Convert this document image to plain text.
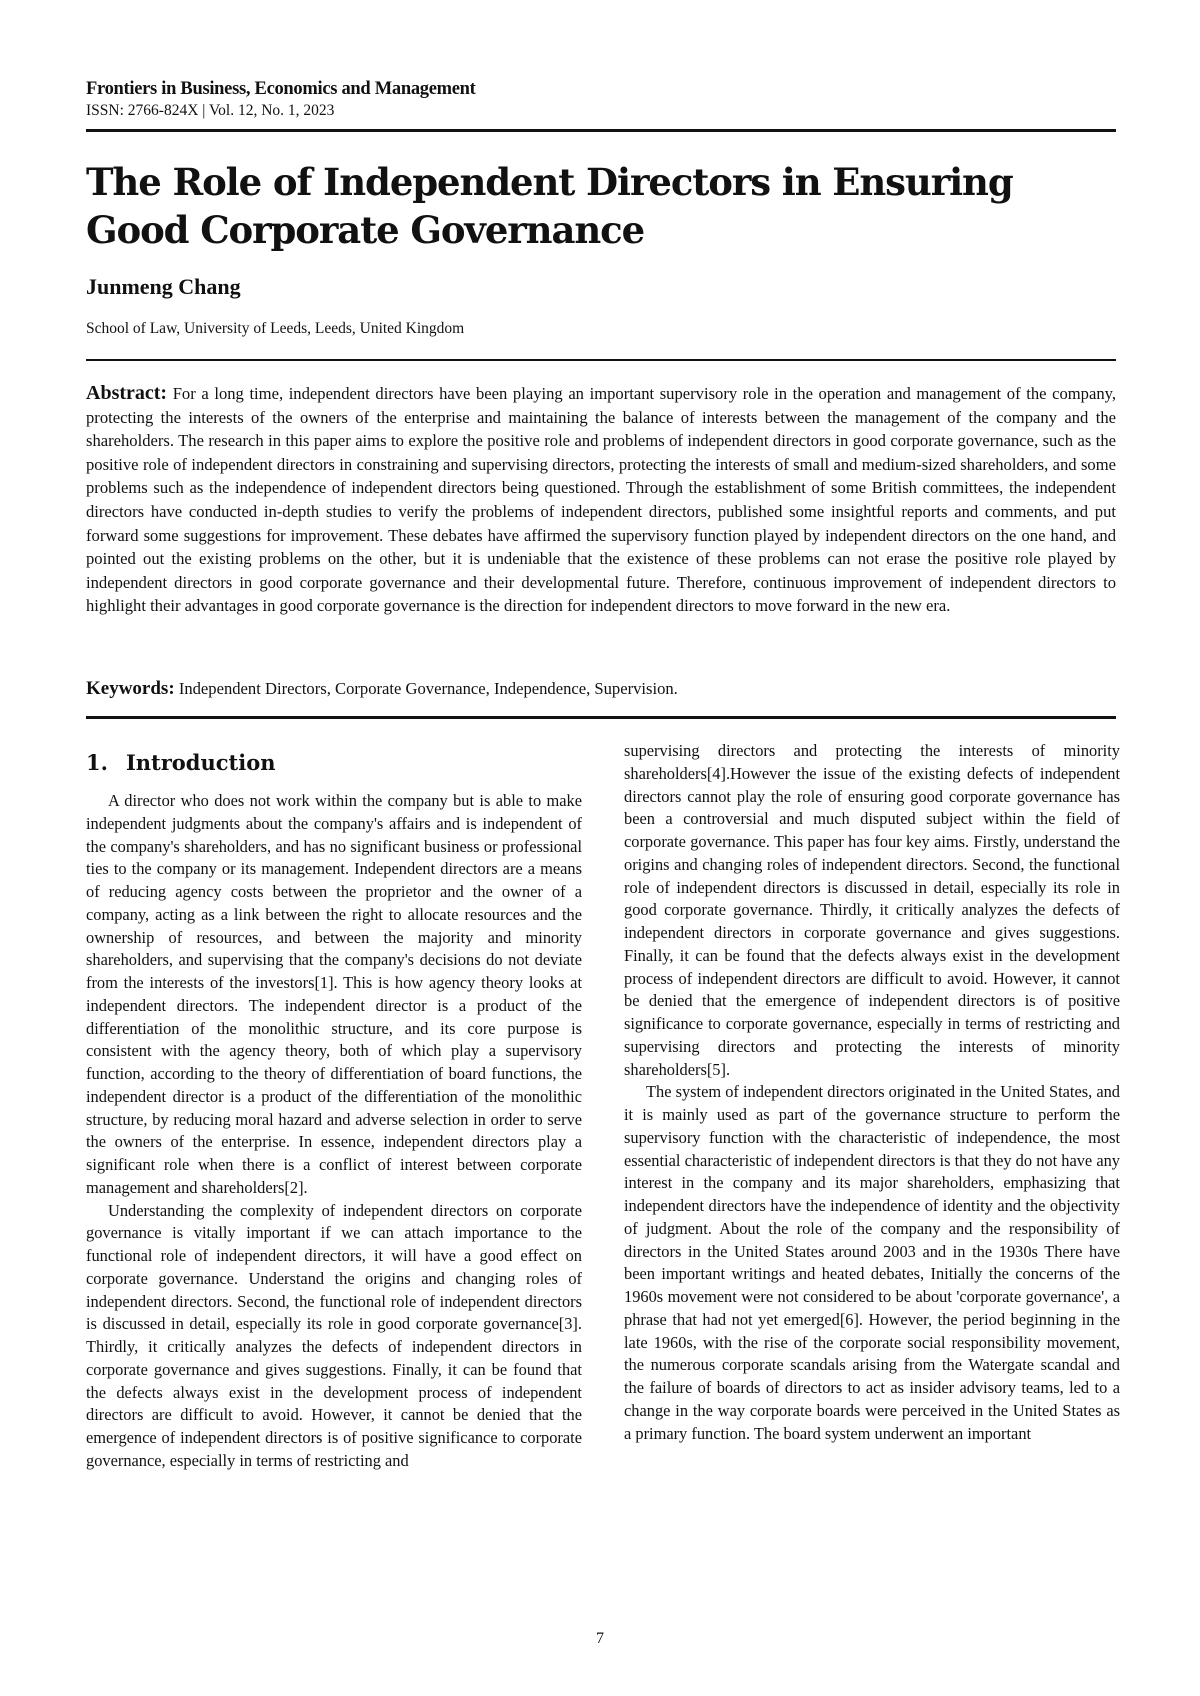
Frontiers in Business, Economics and Management
ISSN: 2766-824X | Vol. 12, No. 1, 2023
The Role of Independent Directors in Ensuring Good Corporate Governance

Junmeng Chang

School of Law, University of Leeds, Leeds, United Kingdom

Abstract: For a long time, independent directors have been playing an important supervisory role in the operation and management of the company, protecting the interests of the owners of the enterprise and maintaining the balance of interests between the management of the company and the shareholders. The research in this paper aims to explore the positive role and problems of independent directors in good corporate governance, such as the positive role of independent directors in constraining and supervising directors, protecting the interests of small and medium-sized shareholders, and some problems such as the independence of independent directors being questioned. Through the establishment of some British committees, the independent directors have conducted in-depth studies to verify the problems of independent directors, published some insightful reports and comments, and put forward some suggestions for improvement. These debates have affirmed the supervisory function played by independent directors on the one hand, and pointed out the existing problems on the other, but it is undeniable that the existence of these problems can not erase the positive role played by independent directors in good corporate governance and their developmental future. Therefore, continuous improvement of independent directors to highlight their advantages in good corporate governance is the direction for independent directors to move forward in the new era.

Keywords: Independent Directors, Corporate Governance, Independence, Supervision.

1. Introduction

A director who does not work within the company but is able to make independent judgments about the company's affairs and is independent of the company's shareholders, and has no significant business or professional ties to the company or its management. Independent directors are a means of reducing agency costs between the proprietor and the owner of a company, acting as a link between the right to allocate resources and the ownership of resources, and between the majority and minority shareholders, and supervising that the company's decisions do not deviate from the interests of the investors[1]. This is how agency theory looks at independent directors. The independent director is a product of the differentiation of the monolithic structure, and its core purpose is consistent with the agency theory, both of which play a supervisory function, according to the theory of differentiation of board functions, the independent director is a product of the differentiation of the monolithic structure, by reducing moral hazard and adverse selection in order to serve the owners of the enterprise. In essence, independent directors play a significant role when there is a conflict of interest between corporate management and shareholders[2].

Understanding the complexity of independent directors on corporate governance is vitally important if we can attach importance to the functional role of independent directors, it will have a good effect on corporate governance. Understand the origins and changing roles of independent directors. Second, the functional role of independent directors is discussed in detail, especially its role in good corporate governance[3]. Thirdly, it critically analyzes the defects of independent directors in corporate governance and gives suggestions. Finally, it can be found that the defects always exist in the development process of independent directors are difficult to avoid. However, it cannot be denied that the emergence of independent directors is of positive significance to corporate governance, especially in terms of restricting and

supervising directors and protecting the interests of minority shareholders[4].However the issue of the existing defects of independent directors cannot play the role of ensuring good corporate governance has been a controversial and much disputed subject within the field of corporate governance. This paper has four key aims. Firstly, understand the origins and changing roles of independent directors. Second, the functional role of independent directors is discussed in detail, especially its role in good corporate governance. Thirdly, it critically analyzes the defects of independent directors in corporate governance and gives suggestions. Finally, it can be found that the defects always exist in the development process of independent directors are difficult to avoid. However, it cannot be denied that the emergence of independent directors is of positive significance to corporate governance, especially in terms of restricting and supervising directors and protecting the interests of minority shareholders[5].

The system of independent directors originated in the United States, and it is mainly used as part of the governance structure to perform the supervisory function with the characteristic of independence, the most essential characteristic of independent directors is that they do not have any interest in the company and its major shareholders, emphasizing that independent directors have the independence of identity and the objectivity of judgment. About the role of the company and the responsibility of directors in the United States around 2003 and in the 1930s There have been important writings and heated debates, Initially the concerns of the 1960s movement were not considered to be about 'corporate governance', a phrase that had not yet emerged[6]. However, the period beginning in the late 1960s, with the rise of the corporate social responsibility movement, the numerous corporate scandals arising from the Watergate scandal and the failure of boards of directors to act as insider advisory teams, led to a change in the way corporate boards were perceived in the United States as a primary function. The board system underwent an important

7
